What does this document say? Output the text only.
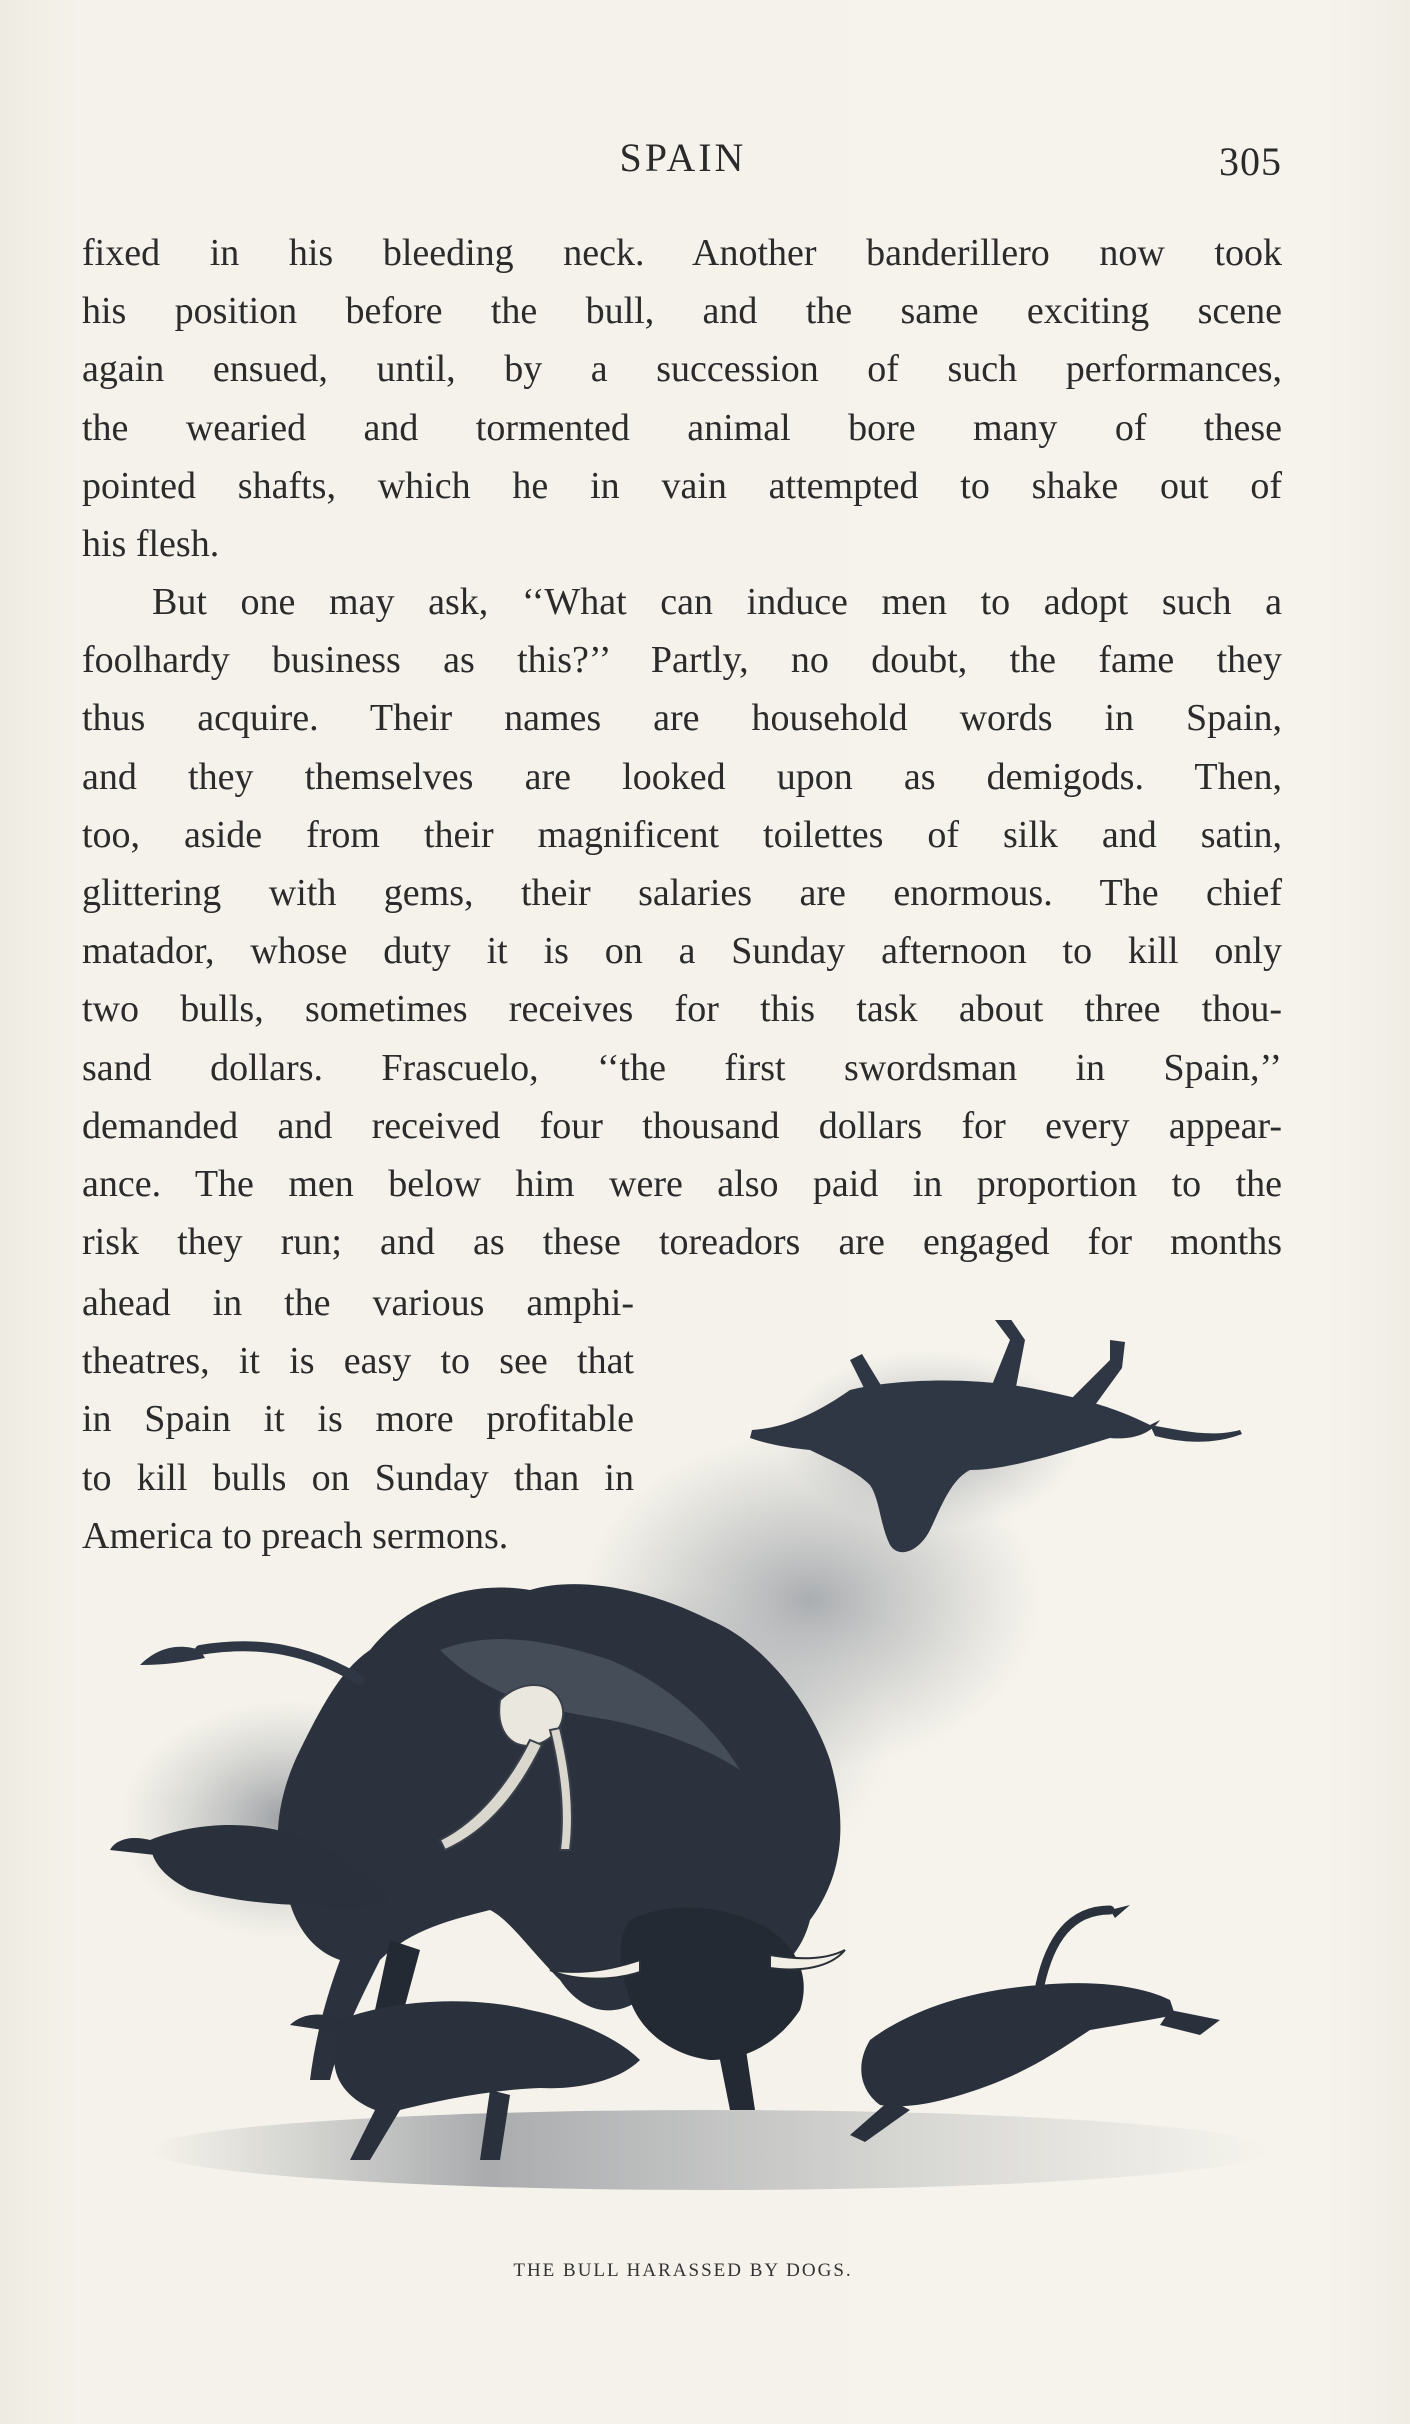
SPAIN	305
fixed in his bleeding neck. Another banderillero now took
his position before the bull, and the same exciting scene
again ensued, until, by a succession of such performances,
the wearied and tormented animal bore many of these
pointed shafts, which he in vain attempted to shake out of
his flesh.
But one may ask, ‘‘What can induce men to adopt such a
foolhardy business as this?’’ Partly, no doubt, the fame they
thus acquire. Their names are household words in Spain,
and they themselves are looked upon as demigods. Then,
too, aside from their magnificent toilettes of silk and satin,
glittering with gems, their salaries are enormous. The chief
matador, whose duty it is on a Sunday afternoon to kill only
two bulls, sometimes receives for this task about three thou-
sand dollars. Frascuelo, ‘‘the first swordsman in Spain,’’
demanded and received four thousand dollars for every appear-
ance. The men below him were also paid in proportion to the
risk they run; and as these toreadors are engaged for months
ahead in the various amphi-
theatres, it is easy to see that
in Spain it is more profitable
to kill bulls on Sunday than in
America to preach sermons.
THE BULL HARASSED BY DOGS.
